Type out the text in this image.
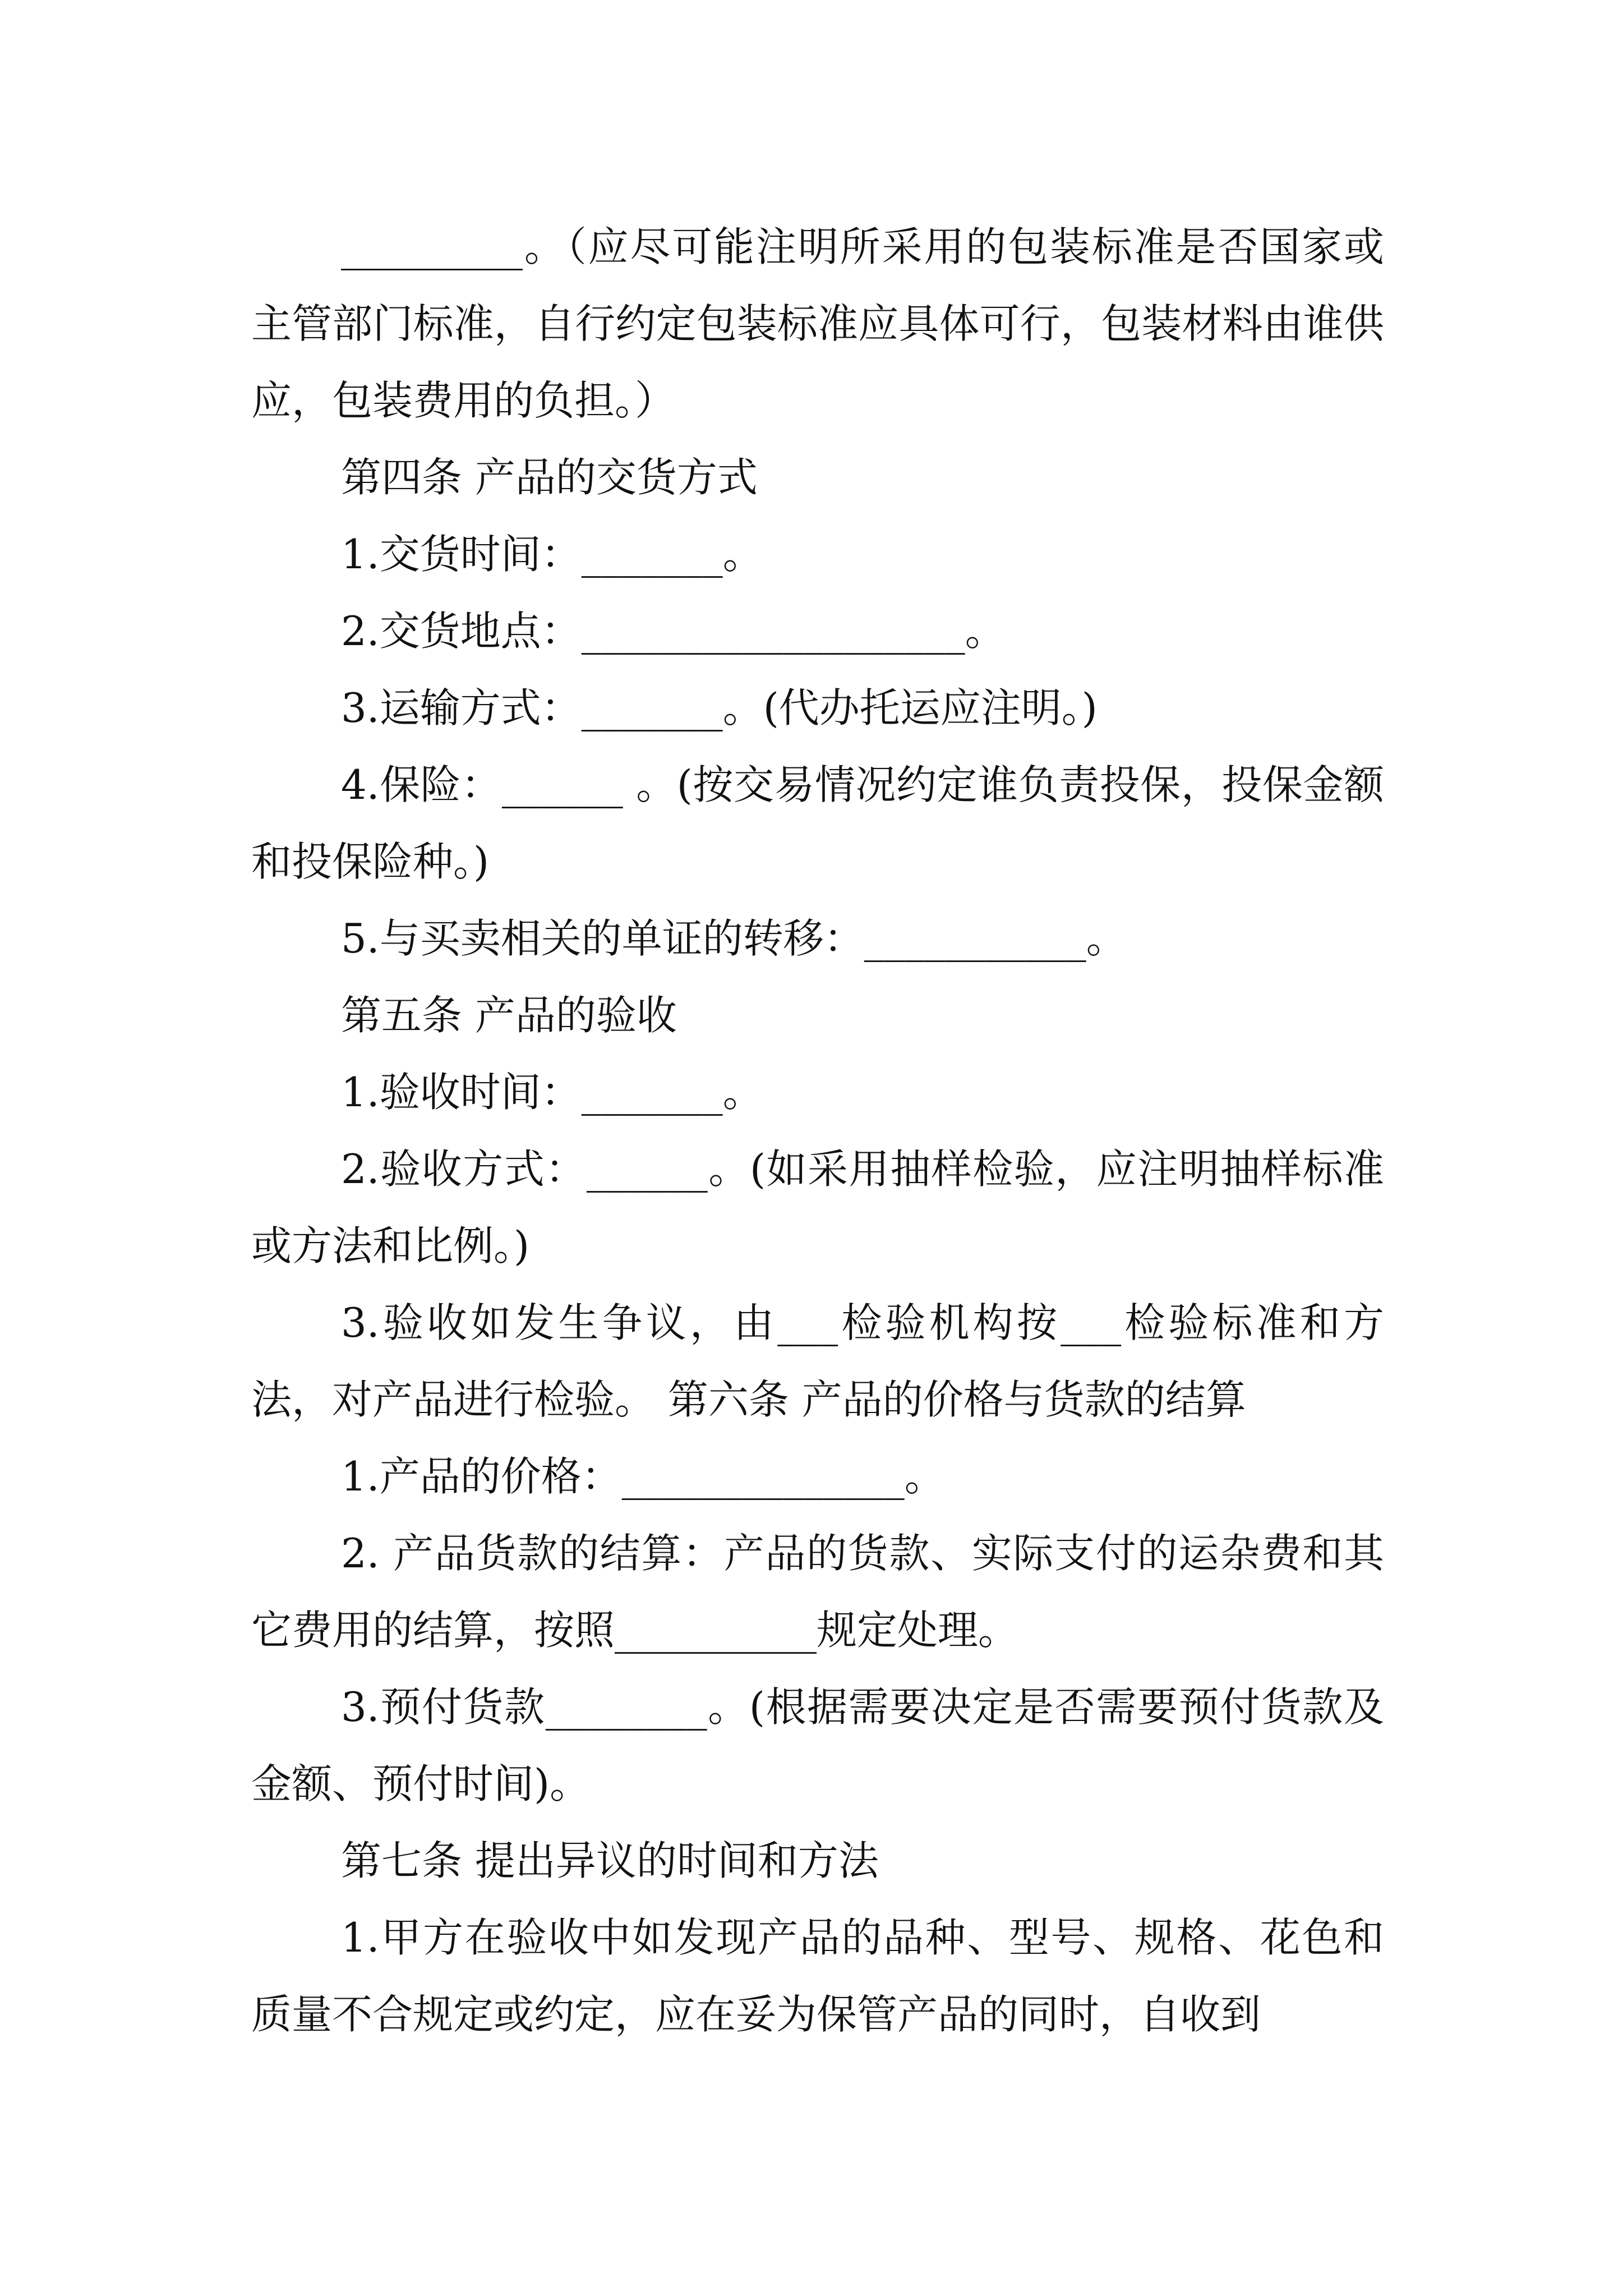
_________。（应尽可能注明所采用的包装标准是否国家或主管部门标准，自行约定包装标准应具体可行，包装材料由谁供应，包装费用的负担。）

第四条 产品的交货方式

1.交货时间：_______。

2.交货地点：___________________。

3.运输方式：_______。(代办托运应注明。)

4.保险：______ 。(按交易情况约定谁负责投保，投保金额和投保险种。)

5.与买卖相关的单证的转移：___________。

第五条 产品的验收

1.验收时间：_______。

2.验收方式：______。(如采用抽样检验，应注明抽样标准或方法和比例。)

3.验收如发生争议，由___检验机构按___检验标准和方法，对产品进行检验。 第六条 产品的价格与货款的结算

1.产品的价格：______________。

2. 产品货款的结算：产品的货款、实际支付的运杂费和其它费用的结算，按照__________规定处理。

3.预付货款________。(根据需要决定是否需要预付货款及金额、预付时间)。

第七条 提出异议的时间和方法

1.甲方在验收中如发现产品的品种、型号、规格、花色和质量不合规定或约定，应在妥为保管产品的同时，自收到
